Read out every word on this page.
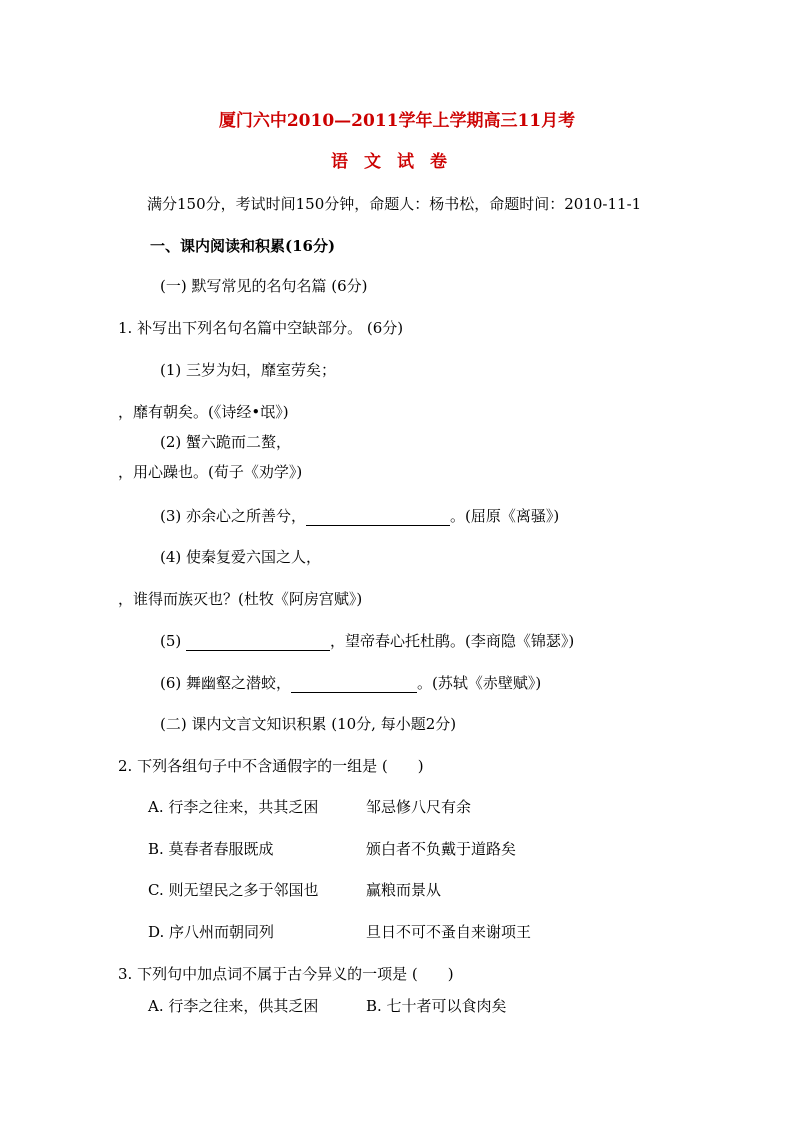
厦门六中2010—2011学年上学期高三11月考
语文试卷
满分150分，考试时间150分钟，命题人：杨书松，命题时间：2010-11-1
一、课内阅读和积累(16分)
(一) 默写常见的名句名篇 (6分)
1. 补写出下列名句名篇中空缺部分。 (6分)
(1) 三岁为妇，靡室劳矣；
，靡有朝矣。(《诗经•氓》)
(2) 蟹六跪而二螯，
，用心躁也。(荀子《劝学》)
(3) 亦余心之所善兮，	。(屈原《离骚》)
(4) 使秦复爱六国之人，
，谁得而族灭也？(杜牧《阿房宫赋》)
(5)	，望帝春心托杜鹃。(李商隐《锦瑟》)
(6) 舞幽壑之潜蛟，	。(苏轼《赤壁赋》)
(二) 课内文言文知识积累 (10分, 每小题2分)
2. 下列各组句子中不含通假字的一组是 (　　)
A. 行李之往来，共其乏困	邹忌修八尺有余
B. 莫春者春服既成	颁白者不负戴于道路矣
C. 则无望民之多于邻国也	赢粮而景从
D. 序八州而朝同列	旦日不可不蚤自来谢项王
3. 下列句中加点词不属于古今异义的一项是 (　　)
A. 行李之往来，供其乏困	B. 七十者可以食肉矣
